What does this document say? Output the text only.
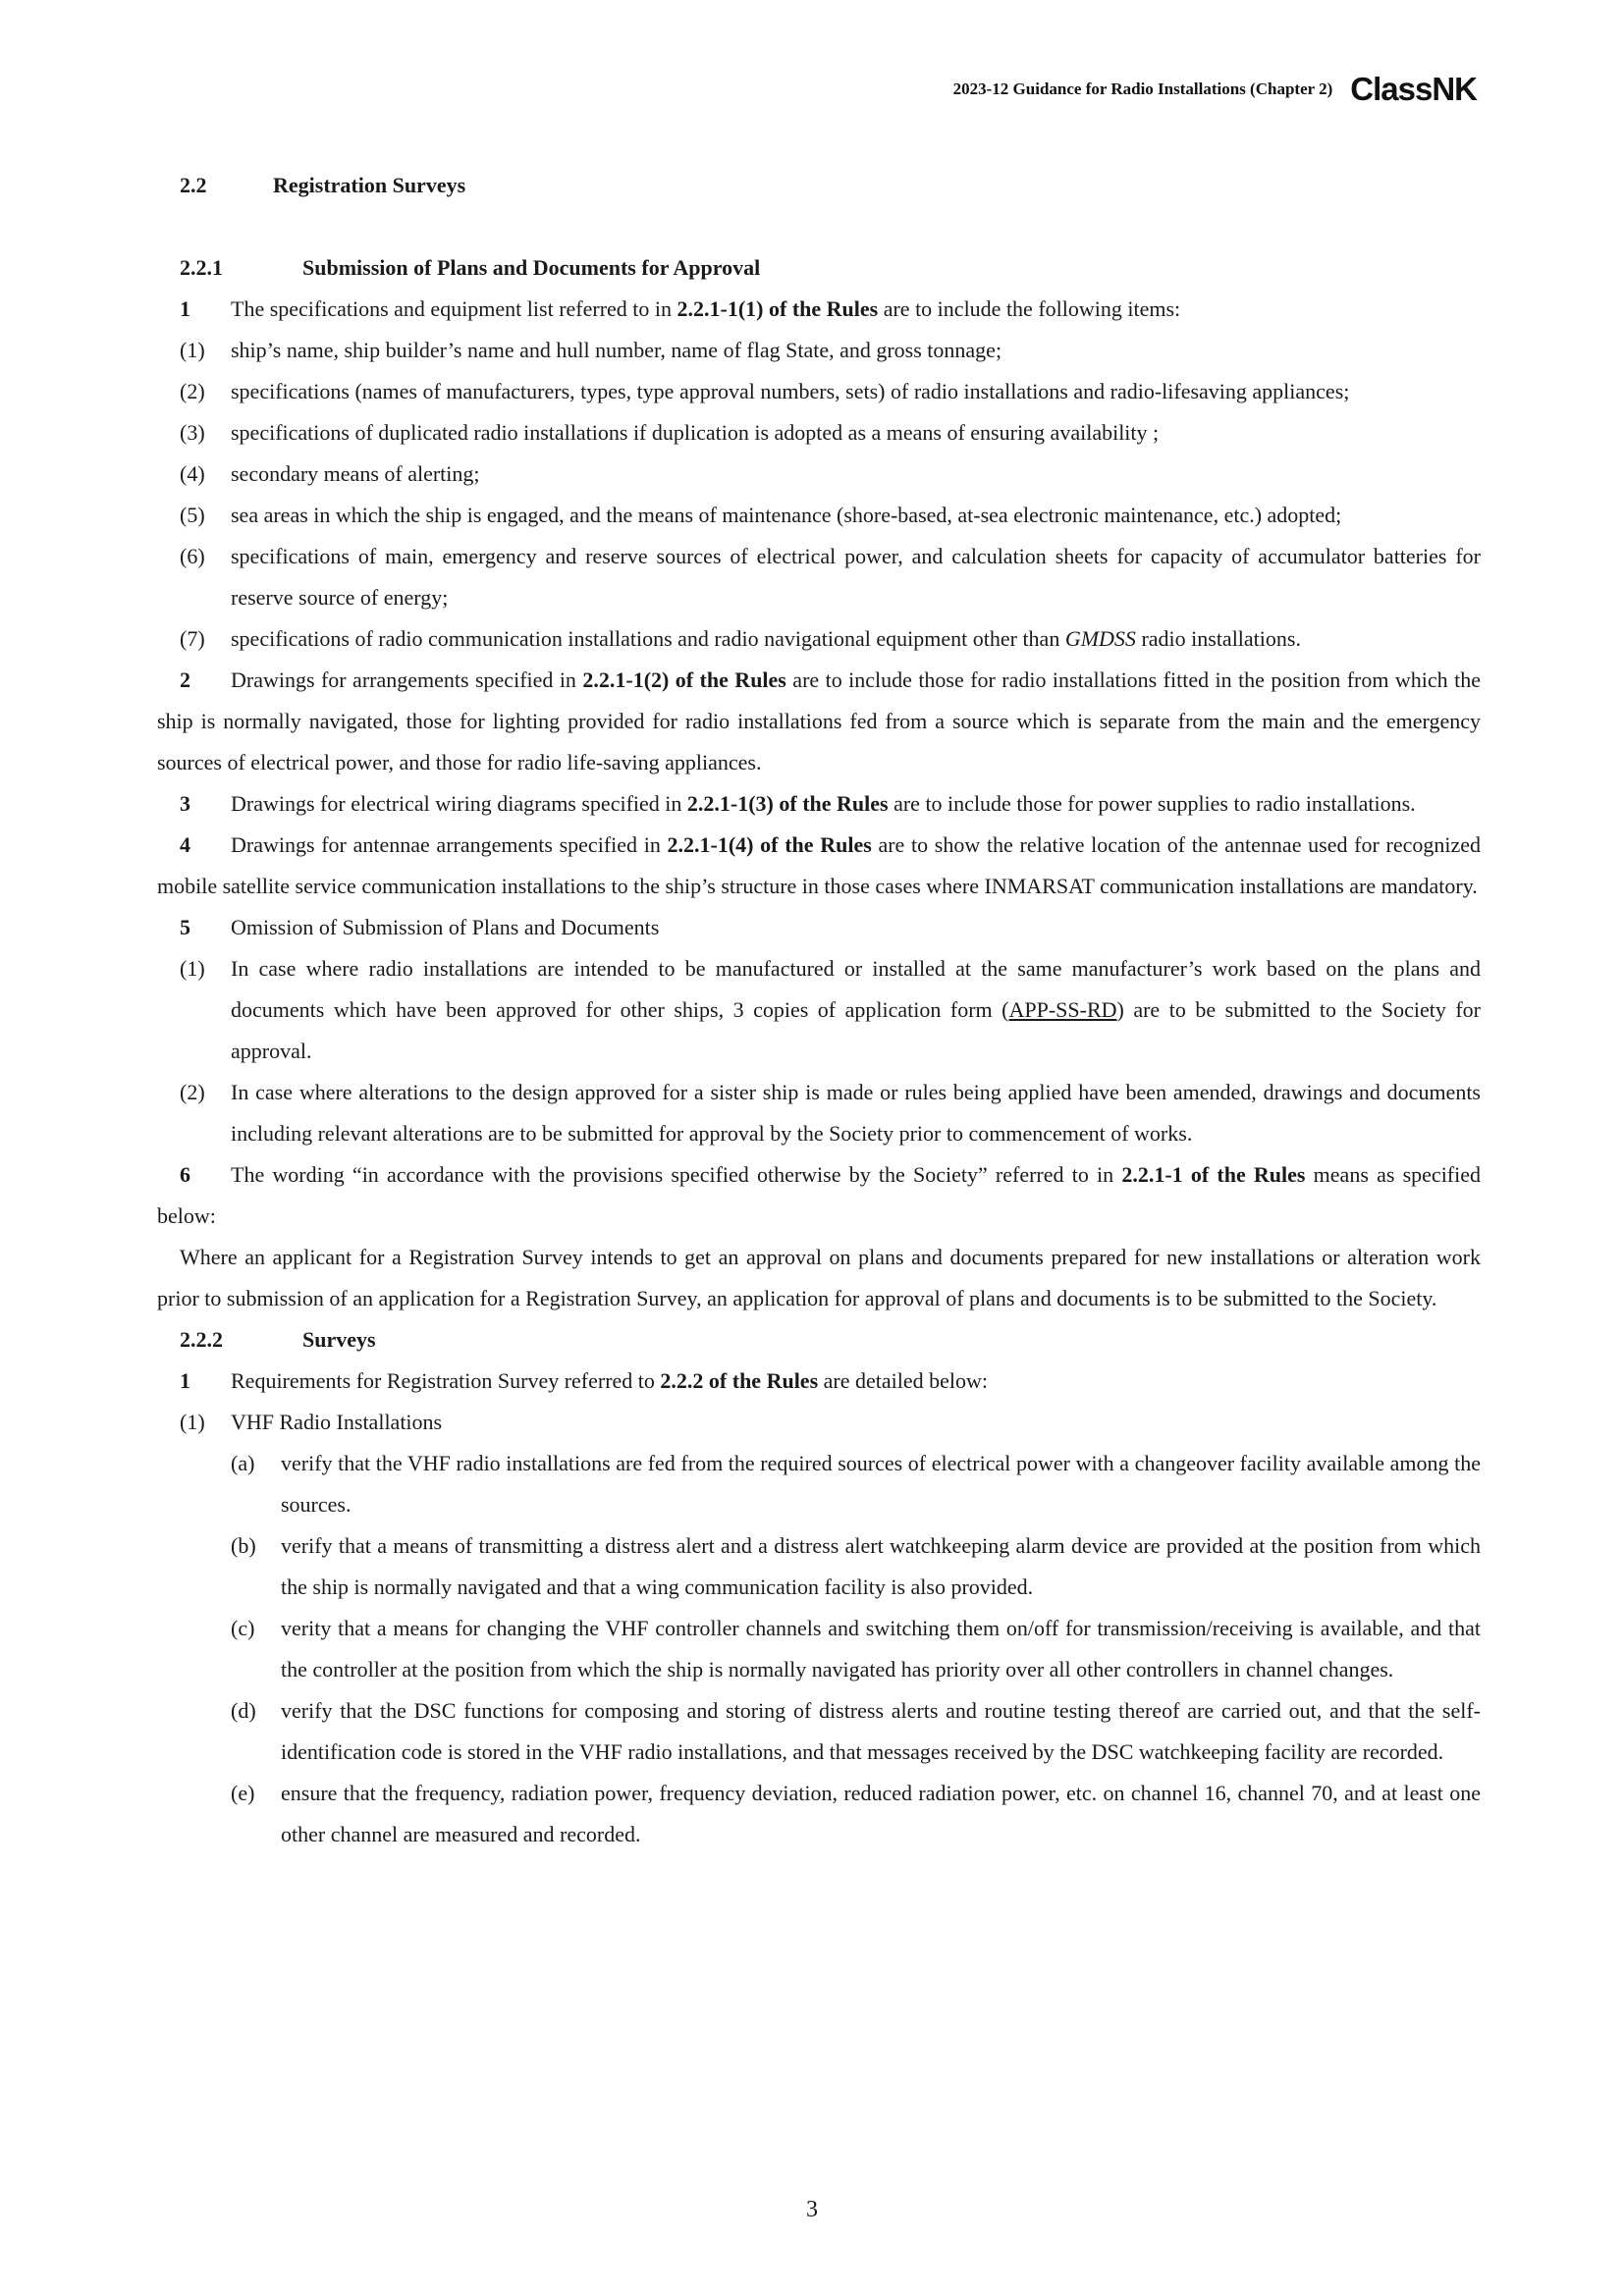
2023-12 Guidance for Radio Installations (Chapter 2) ClassNK
2.2	Registration Surveys
2.2.1	Submission of Plans and Documents for Approval
1 The specifications and equipment list referred to in 2.2.1-1(1) of the Rules are to include the following items:
(1) ship’s name, ship builder’s name and hull number, name of flag State, and gross tonnage;
(2) specifications (names of manufacturers, types, type approval numbers, sets) of radio installations and radio-lifesaving appliances;
(3) specifications of duplicated radio installations if duplication is adopted as a means of ensuring availability ;
(4) secondary means of alerting;
(5) sea areas in which the ship is engaged, and the means of maintenance (shore-based, at-sea electronic maintenance, etc.) adopted;
(6) specifications of main, emergency and reserve sources of electrical power, and calculation sheets for capacity of accumulator batteries for reserve source of energy;
(7) specifications of radio communication installations and radio navigational equipment other than GMDSS radio installations.
2 Drawings for arrangements specified in 2.2.1-1(2) of the Rules are to include those for radio installations fitted in the position from which the ship is normally navigated, those for lighting provided for radio installations fed from a source which is separate from the main and the emergency sources of electrical power, and those for radio life-saving appliances.
3 Drawings for electrical wiring diagrams specified in 2.2.1-1(3) of the Rules are to include those for power supplies to radio installations.
4 Drawings for antennae arrangements specified in 2.2.1-1(4) of the Rules are to show the relative location of the antennae used for recognized mobile satellite service communication installations to the ship’s structure in those cases where INMARSAT communication installations are mandatory.
5 Omission of Submission of Plans and Documents
(1) In case where radio installations are intended to be manufactured or installed at the same manufacturer’s work based on the plans and documents which have been approved for other ships, 3 copies of application form (APP-SS-RD) are to be submitted to the Society for approval.
(2) In case where alterations to the design approved for a sister ship is made or rules being applied have been amended, drawings and documents including relevant alterations are to be submitted for approval by the Society prior to commencement of works.
6 The wording “in accordance with the provisions specified otherwise by the Society” referred to in 2.2.1-1 of the Rules means as specified below:
Where an applicant for a Registration Survey intends to get an approval on plans and documents prepared for new installations or alteration work prior to submission of an application for a Registration Survey, an application for approval of plans and documents is to be submitted to the Society.
2.2.2	Surveys
1 Requirements for Registration Survey referred to 2.2.2 of the Rules are detailed below:
(1) VHF Radio Installations
(a) verify that the VHF radio installations are fed from the required sources of electrical power with a changeover facility available among the sources.
(b) verify that a means of transmitting a distress alert and a distress alert watchkeeping alarm device are provided at the position from which the ship is normally navigated and that a wing communication facility is also provided.
(c) verity that a means for changing the VHF controller channels and switching them on/off for transmission/receiving is available, and that the controller at the position from which the ship is normally navigated has priority over all other controllers in channel changes.
(d) verify that the DSC functions for composing and storing of distress alerts and routine testing thereof are carried out, and that the self-identification code is stored in the VHF radio installations, and that messages received by the DSC watchkeeping facility are recorded.
(e) ensure that the frequency, radiation power, frequency deviation, reduced radiation power, etc. on channel 16, channel 70, and at least one other channel are measured and recorded.
3
